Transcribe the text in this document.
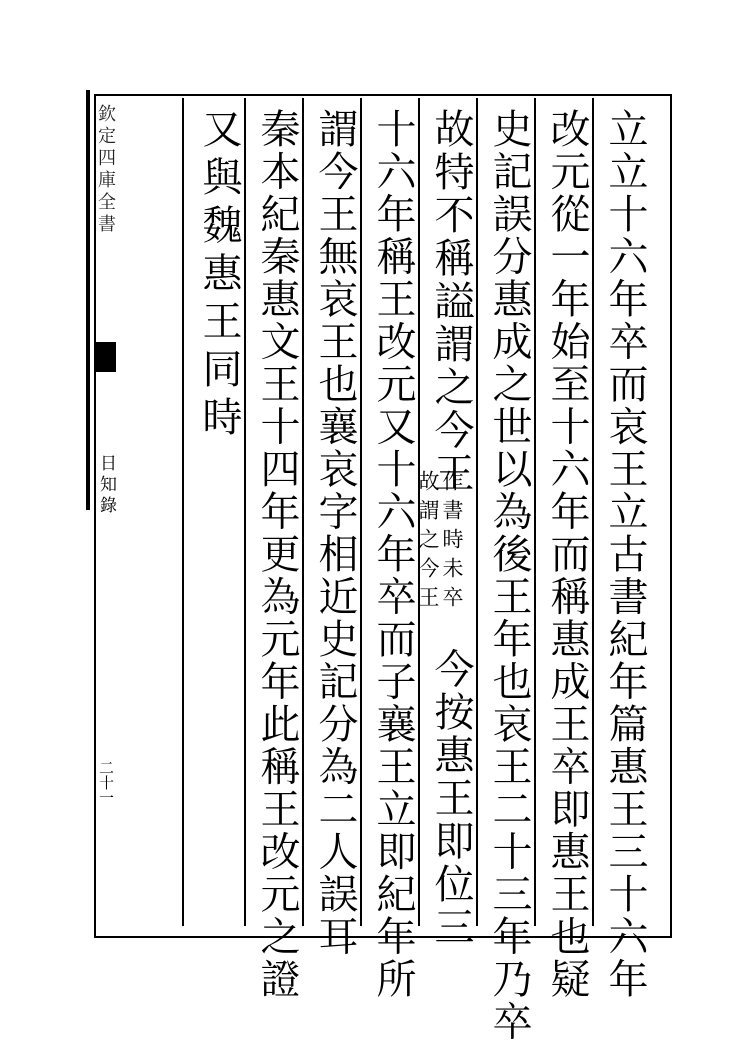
欽定四庫全書
日知錄
二十一	立立十六年卒而哀王立古書紀年篇惠王三十六年
改元從一年始至十六年而稱惠成王卒即惠王也疑
史記誤分惠成之世以為後王年也哀王二十三年乃卒
故特不稱謚謂之今王
作書時未卒
故謂之今王
今按惠王即位三
十六年稱王改元又十六年卒而子襄王立即紀年所
謂今王無哀王也襄哀字相近史記分為二人誤耳
秦本紀秦惠文王十四年更為元年此稱王改元之證
又與魏惠王同時
